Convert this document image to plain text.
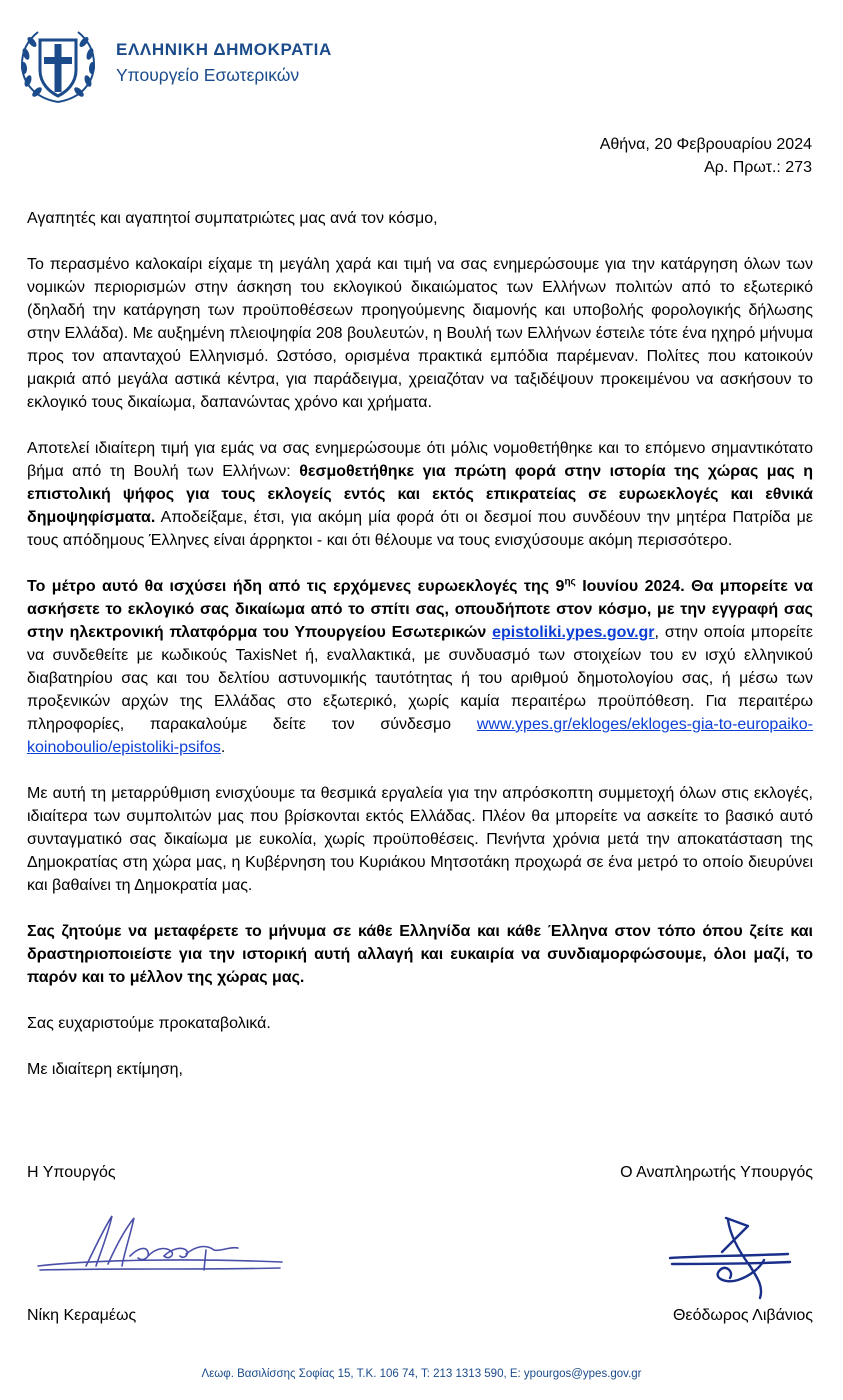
ΕΛΛΗΝΙΚΗ ΔΗΜΟΚΡΑΤΙΑ
Υπουργείο Εσωτερικών
Αθήνα, 20 Φεβρουαρίου 2024
Αρ. Πρωτ.: 273

Αγαπητές και αγαπητοί συμπατριώτες μας ανά τον κόσμο,

Το περασμένο καλοκαίρι είχαμε τη μεγάλη χαρά και τιμή να σας ενημερώσουμε για την κατάργηση όλων των νομικών περιορισμών στην άσκηση του εκλογικού δικαιώματος των Ελλήνων πολιτών από το εξωτερικό (δηλαδή την κατάργηση των προϋποθέσεων προηγούμενης διαμονής και υποβολής φορολογικής δήλωσης στην Ελλάδα). Με αυξημένη πλειοψηφία 208 βουλευτών, η Βουλή των Ελλήνων έστειλε τότε ένα ηχηρό μήνυμα προς τον απανταχού Ελληνισμό. Ωστόσο, ορισμένα πρακτικά εμπόδια παρέμεναν. Πολίτες που κατοικούν μακριά από μεγάλα αστικά κέντρα, για παράδειγμα, χρειαζόταν να ταξιδέψουν προκειμένου να ασκήσουν το εκλογικό τους δικαίωμα, δαπανώντας χρόνο και χρήματα.

Αποτελεί ιδιαίτερη τιμή για εμάς να σας ενημερώσουμε ότι μόλις νομοθετήθηκε και το επόμενο σημαντικότατο βήμα από τη Βουλή των Ελλήνων: θεσμοθετήθηκε για πρώτη φορά στην ιστορία της χώρας μας η επιστολική ψήφος για τους εκλογείς εντός και εκτός επικρατείας σε ευρωεκλογές και εθνικά δημοψηφίσματα. Αποδείξαμε, έτσι, για ακόμη μία φορά ότι οι δεσμοί που συνδέουν την μητέρα Πατρίδα με τους απόδημους Έλληνες είναι άρρηκτοι - και ότι θέλουμε να τους ενισχύσουμε ακόμη περισσότερο.

Το μέτρο αυτό θα ισχύσει ήδη από τις ερχόμενες ευρωεκλογές της $9^{\eta\varsigma}$ Ιουνίου 2024. Θα μπορείτε να ασκήσετε το εκλογικό σας δικαίωμα από το σπίτι σας, οπουδήποτε στον κόσμο, με την εγγραφή σας στην ηλεκτρονική πλατφόρμα του Υπουργείου Εσωτερικών epistoliki.ypes.gov.gr, στην οποία μπορείτε να συνδεθείτε με κωδικούς TaxisNet ή, εναλλακτικά, με συνδυασμό των στοιχείων του εν ισχύ ελληνικού διαβατηρίου σας και του δελτίου αστυνομικής ταυτότητας ή του αριθμού δημοτολογίου σας, ή μέσω των προξενικών αρχών της Ελλάδας στο εξωτερικό, χωρίς καμία περαιτέρω προϋπόθεση. Για περαιτέρω πληροφορίες, παρακαλούμε δείτε τον σύνδεσμο www.ypes.gr/ekloges/ekloges-gia-to-europaiko-koinoboulio/epistoliki-psifos.

Με αυτή τη μεταρρύθμιση ενισχύουμε τα θεσμικά εργαλεία για την απρόσκοπτη συμμετοχή όλων στις εκλογές, ιδιαίτερα των συμπολιτών μας που βρίσκονται εκτός Ελλάδας. Πλέον θα μπορείτε να ασκείτε το βασικό αυτό συνταγματικό σας δικαίωμα με ευκολία, χωρίς προϋποθέσεις. Πενήντα χρόνια μετά την αποκατάσταση της Δημοκρατίας στη χώρα μας, η Κυβέρνηση του Κυριάκου Μητσοτάκη προχωρά σε ένα μετρό το οποίο διευρύνει και βαθαίνει τη Δημοκρατία μας.

Σας ζητούμε να μεταφέρετε το μήνυμα σε κάθε Ελληνίδα και κάθε Έλληνα στον τόπο όπου ζείτε και δραστηριοποιείστε για την ιστορική αυτή αλλαγή και ευκαιρία να συνδιαμορφώσουμε, όλοι μαζί, το παρόν και το μέλλον της χώρας μας.

Σας ευχαριστούμε προκαταβολικά.

Με ιδιαίτερη εκτίμηση,

Η Υπουργός	Ο Αναπληρωτής Υπουργός
Νίκη Κεραμέως	Θεόδωρος Λιβάνιος
Λεωφ. Βασιλίσσης Σοφίας 15, Τ.Κ. 106 74, Τ: 213 1313 590, Ε: ypourgos@ypes.gov.gr
